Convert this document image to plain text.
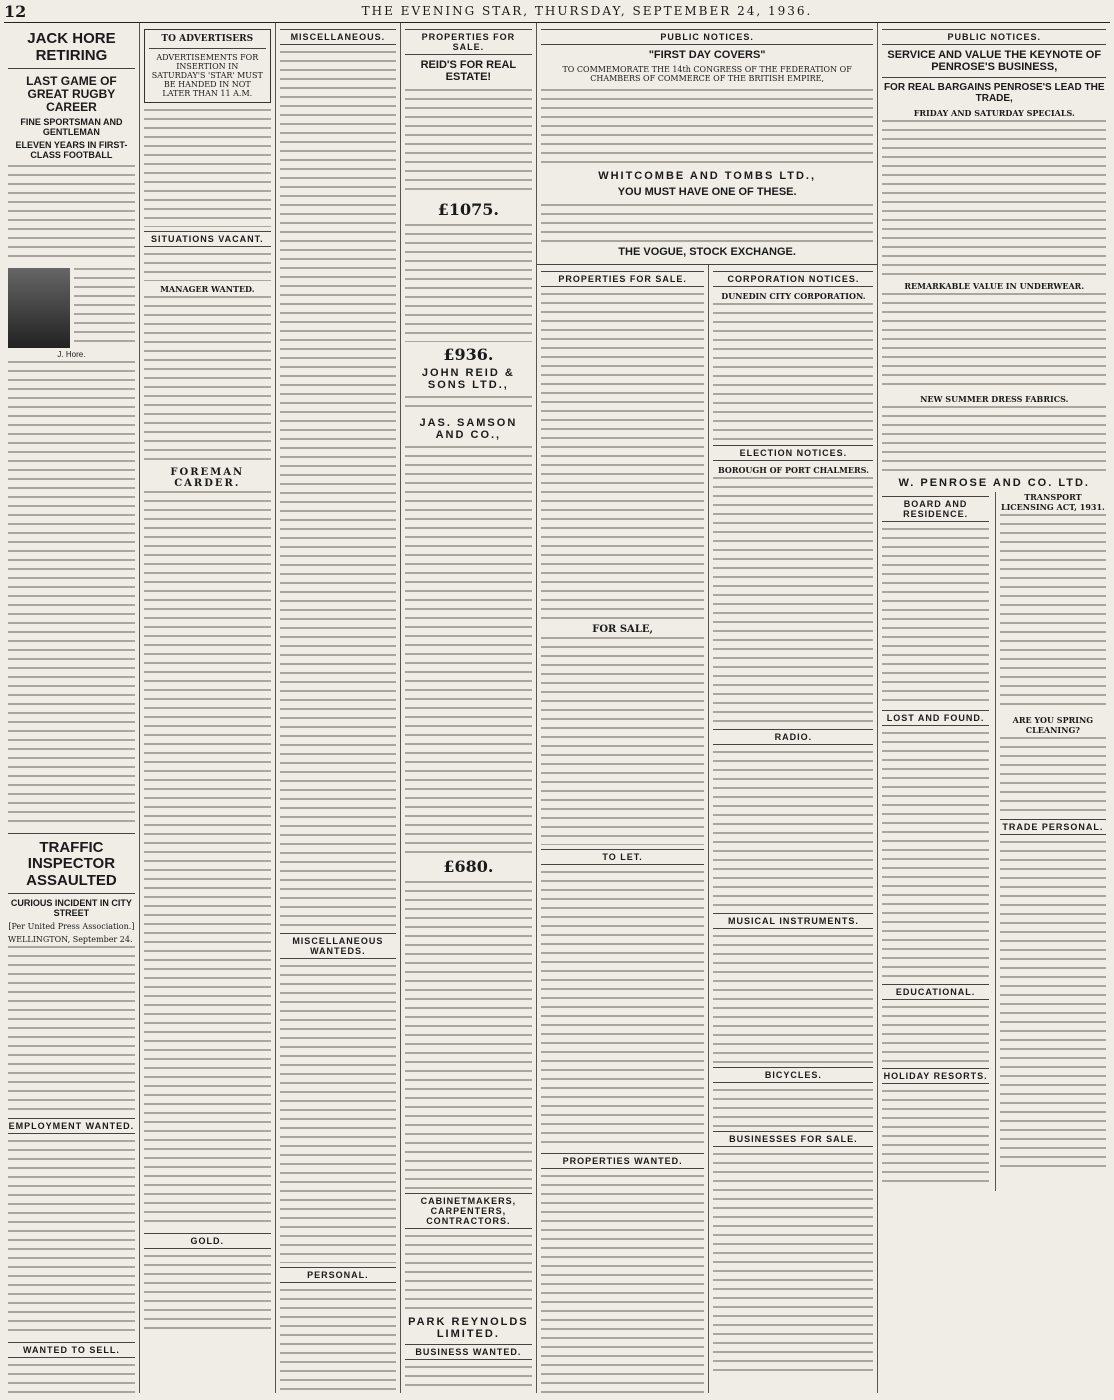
12	THE EVENING STAR, THURSDAY, SEPTEMBER 24, 1936.
JACK HORE RETIRING
LAST GAME OF GREAT RUGBY CAREER
FINE SPORTSMAN AND GENTLEMAN
ELEVEN YEARS IN FIRST-CLASS FOOTBALL
J. Hore.
TRAFFIC INSPECTOR ASSAULTED
CURIOUS INCIDENT IN CITY STREET
[Per United Press Association.]
WELLINGTON, September 24.
EMPLOYMENT WANTED.
WANTED TO SELL.
TO ADVERTISERS
ADVERTISEMENTS FOR INSERTION IN SATURDAY'S 'STAR' MUST BE HANDED IN NOT LATER THAN 11 A.M.
SITUATIONS VACANT.
MANAGER WANTED.
FOREMAN CARDER.
GOLD.
MISCELLANEOUS.
MISCELLANEOUS WANTEDS.
PERSONAL.
PROPERTIES FOR SALE.
REID'S FOR REAL ESTATE!
£1075.
£936.
JOHN REID & SONS LTD.,
JAS. SAMSON AND CO.,
£680.
CABINETMAKERS, CARPENTERS, CONTRACTORS.
PARK REYNOLDS LIMITED.
BUSINESS WANTED.
PUBLIC NOTICES.
"FIRST DAY COVERS"
TO COMMEMORATE THE 14th CONGRESS OF THE FEDERATION OF CHAMBERS OF COMMERCE OF THE BRITISH EMPIRE,
WHITCOMBE AND TOMBS LTD.,
YOU MUST HAVE ONE OF THESE.
THE VOGUE, STOCK EXCHANGE.
PROPERTIES FOR SALE.
FOR SALE,
TO LET.
PROPERTIES WANTED.
CORPORATION NOTICES.
DUNEDIN CITY CORPORATION.
ELECTION NOTICES.
BOROUGH OF PORT CHALMERS.
RADIO.
MUSICAL INSTRUMENTS.
BICYCLES.
BUSINESSES FOR SALE.
PUBLIC NOTICES.
SERVICE AND VALUE THE KEYNOTE OF PENROSE'S BUSINESS,
FOR REAL BARGAINS PENROSE'S LEAD THE TRADE,
FRIDAY AND SATURDAY SPECIALS.
REMARKABLE VALUE IN UNDERWEAR.
NEW SUMMER DRESS FABRICS.
W. PENROSE AND CO. LTD.
BOARD AND RESIDENCE.
LOST AND FOUND.
EDUCATIONAL.
HOLIDAY RESORTS.
TRANSPORT LICENSING ACT, 1931.
ARE YOU SPRING CLEANING?
TRADE PERSONAL.
